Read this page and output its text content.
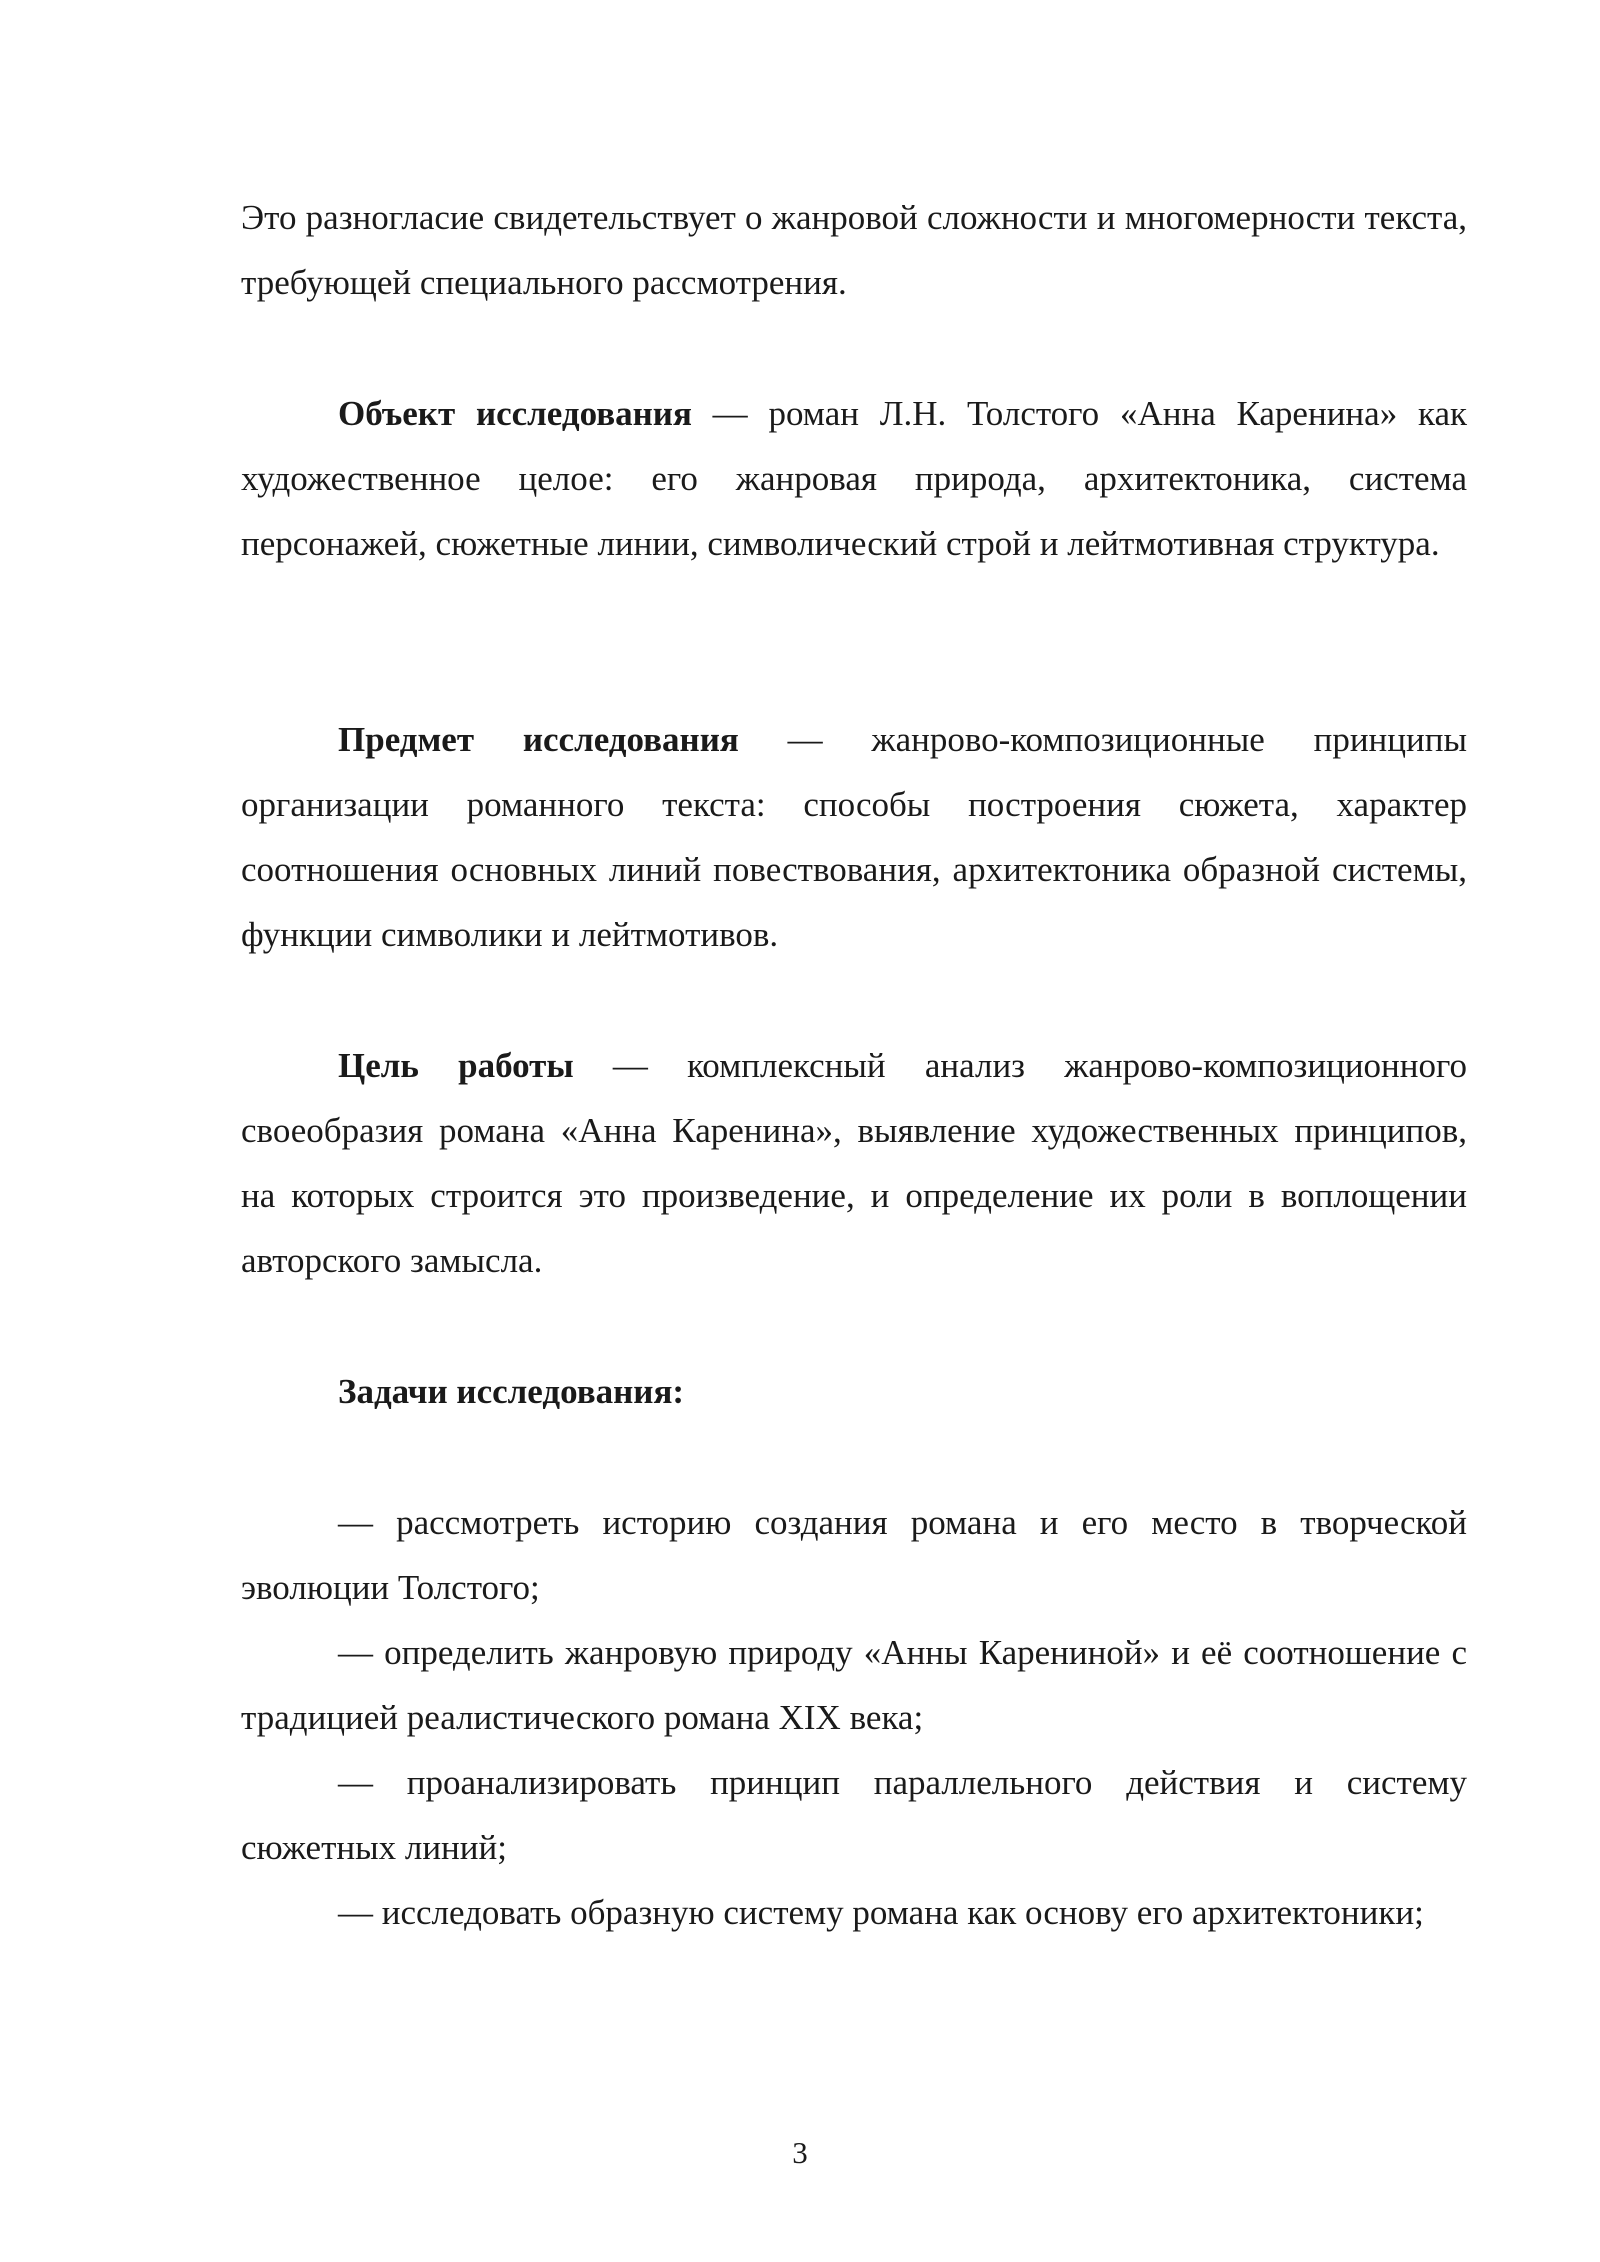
Это разногласие свидетельствует о жанровой сложности и многомерности текста, требующей специального рассмотрения.

Объект исследования — роман Л.Н. Толстого «Анна Каренина» как художественное целое: его жанровая природа, архитектоника, система персонажей, сюжетные линии, символический строй и лейтмотивная структура.

Предмет исследования — жанрово-композиционные принципы организации романного текста: способы построения сюжета, характер соотношения основных линий повествования, архитектоника образной системы, функции символики и лейтмотивов.

Цель работы — комплексный анализ жанрово-композиционного своеобразия романа «Анна Каренина», выявление художественных принципов, на которых строится это произведение, и определение их роли в воплощении авторского замысла.

Задачи исследования:

— рассмотреть историю создания романа и его место в творческой эволюции Толстого;

— определить жанровую природу «Анны Карениной» и её соотношение с традицией реалистического романа XIX века;

— проанализировать принцип параллельного действия и систему сюжетных линий;

— исследовать образную систему романа как основу его архитектоники;

3
